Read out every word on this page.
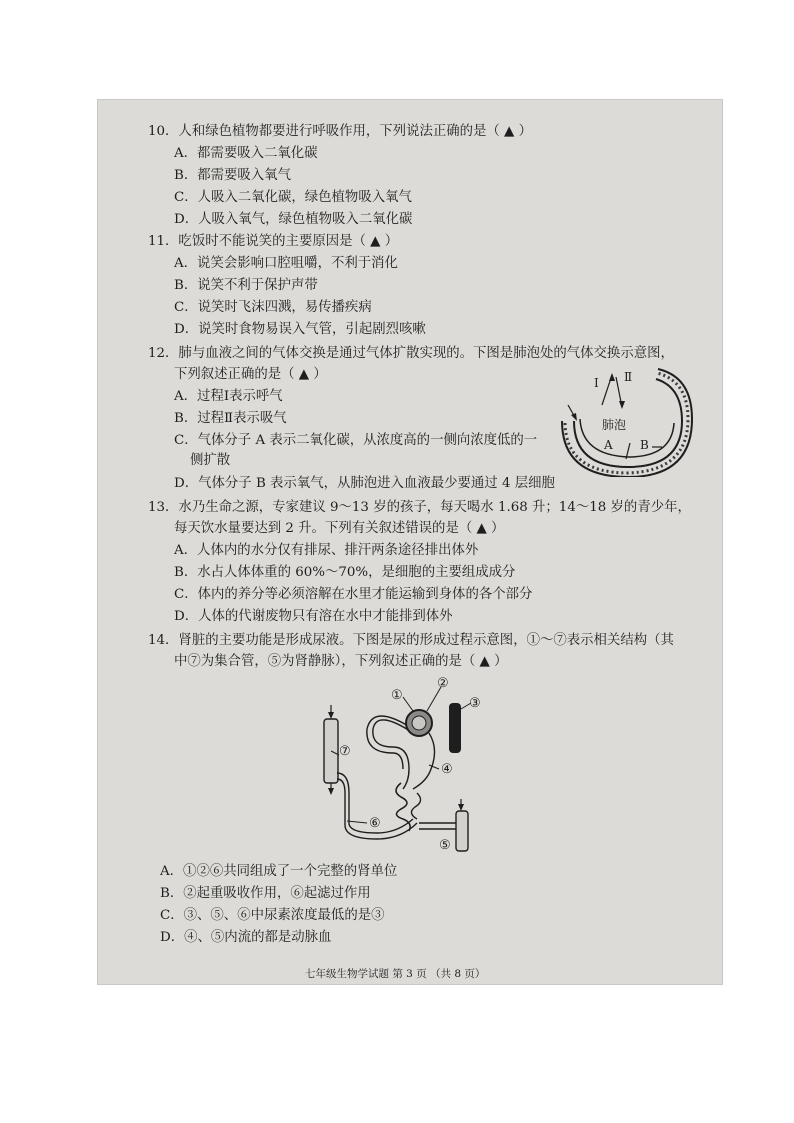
10．人和绿色植物都要进行呼吸作用，下列说法正确的是（ ▲ ）
A．都需要吸入二氧化碳
B．都需要吸入氧气
C．人吸入二氧化碳，绿色植物吸入氧气
D．人吸入氧气，绿色植物吸入二氧化碳
11．吃饭时不能说笑的主要原因是（ ▲ ）
A．说笑会影响口腔咀嚼，不利于消化
B．说笑不利于保护声带
C．说笑时飞沫四溅，易传播疾病
D．说笑时食物易误入气管，引起剧烈咳嗽
12．肺与血液之间的气体交换是通过气体扩散实现的。下图是肺泡处的气体交换示意图，
下列叙述正确的是（ ▲ ）
A．过程Ⅰ表示呼气
B．过程Ⅱ表示吸气
C．气体分子 A 表示二氧化碳，从浓度高的一侧向浓度低的一
侧扩散
D．气体分子 B 表示氧气，从肺泡进入血液最少要通过 4 层细胞
Ⅰ Ⅱ
肺泡
A B
13．水乃生命之源，专家建议 9～13 岁的孩子，每天喝水 1.68 升；14～18 岁的青少年，
每天饮水量要达到 2 升。下列有关叙述错误的是（ ▲ ）
A．人体内的水分仅有排尿、排汗两条途径排出体外
B．水占人体体重的 60%～70%，是细胞的主要组成成分
C．体内的养分等必须溶解在水里才能运输到身体的各个部分
D．人体的代谢废物只有溶在水中才能排到体外
14．肾脏的主要功能是形成尿液。下图是尿的形成过程示意图，①～⑦表示相关结构（其
中⑦为集合管，⑤为肾静脉），下列叙述正确的是（ ▲ ）
①
②
③
④
⑤
⑥
⑦
A．①②⑥共同组成了一个完整的肾单位
B．②起重吸收作用，⑥起滤过作用
C．③、⑤、⑥中尿素浓度最低的是③
D．④、⑤内流的都是动脉血
七年级生物学试题 第 3 页 （共 8 页）
